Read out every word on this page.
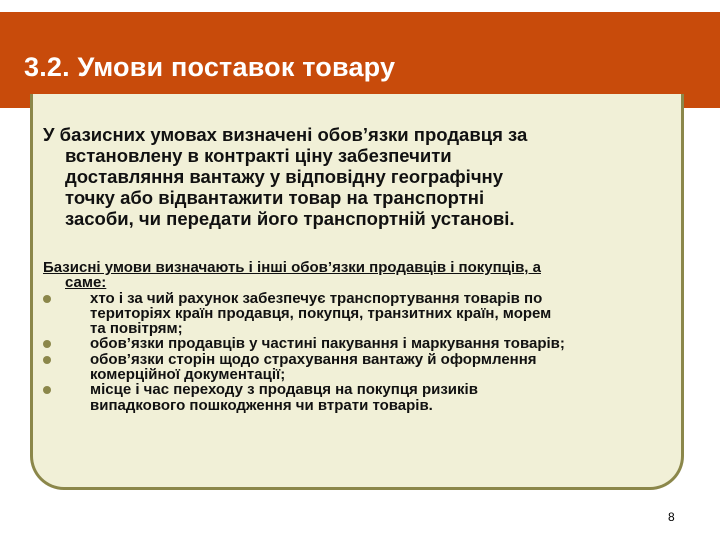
3.2. Умови поставок товару
У базисних умовах визначені обов’язки продавця за
встановлену в контракті ціну забезпечити
доставляння вантажу у відповідну географічну
точку або відвантажити товар на транспортні
засоби, чи передати його транспортній установі.
Базисні умови визначають і інші обов’язки продавців і покупців, а
саме:
хто і за чий рахунок забезпечує транспортування товарів по
територіях країн продавця, покупця, транзитних країн, морем
та повітрям;
обов’язки продавців у частині пакування і маркування товарів;
обов’язки сторін щодо страхування вантажу й оформлення
комерційної документації;
місце і час переходу з продавця на покупця ризиків
випадкового пошкодження чи втрати товарів.
8
